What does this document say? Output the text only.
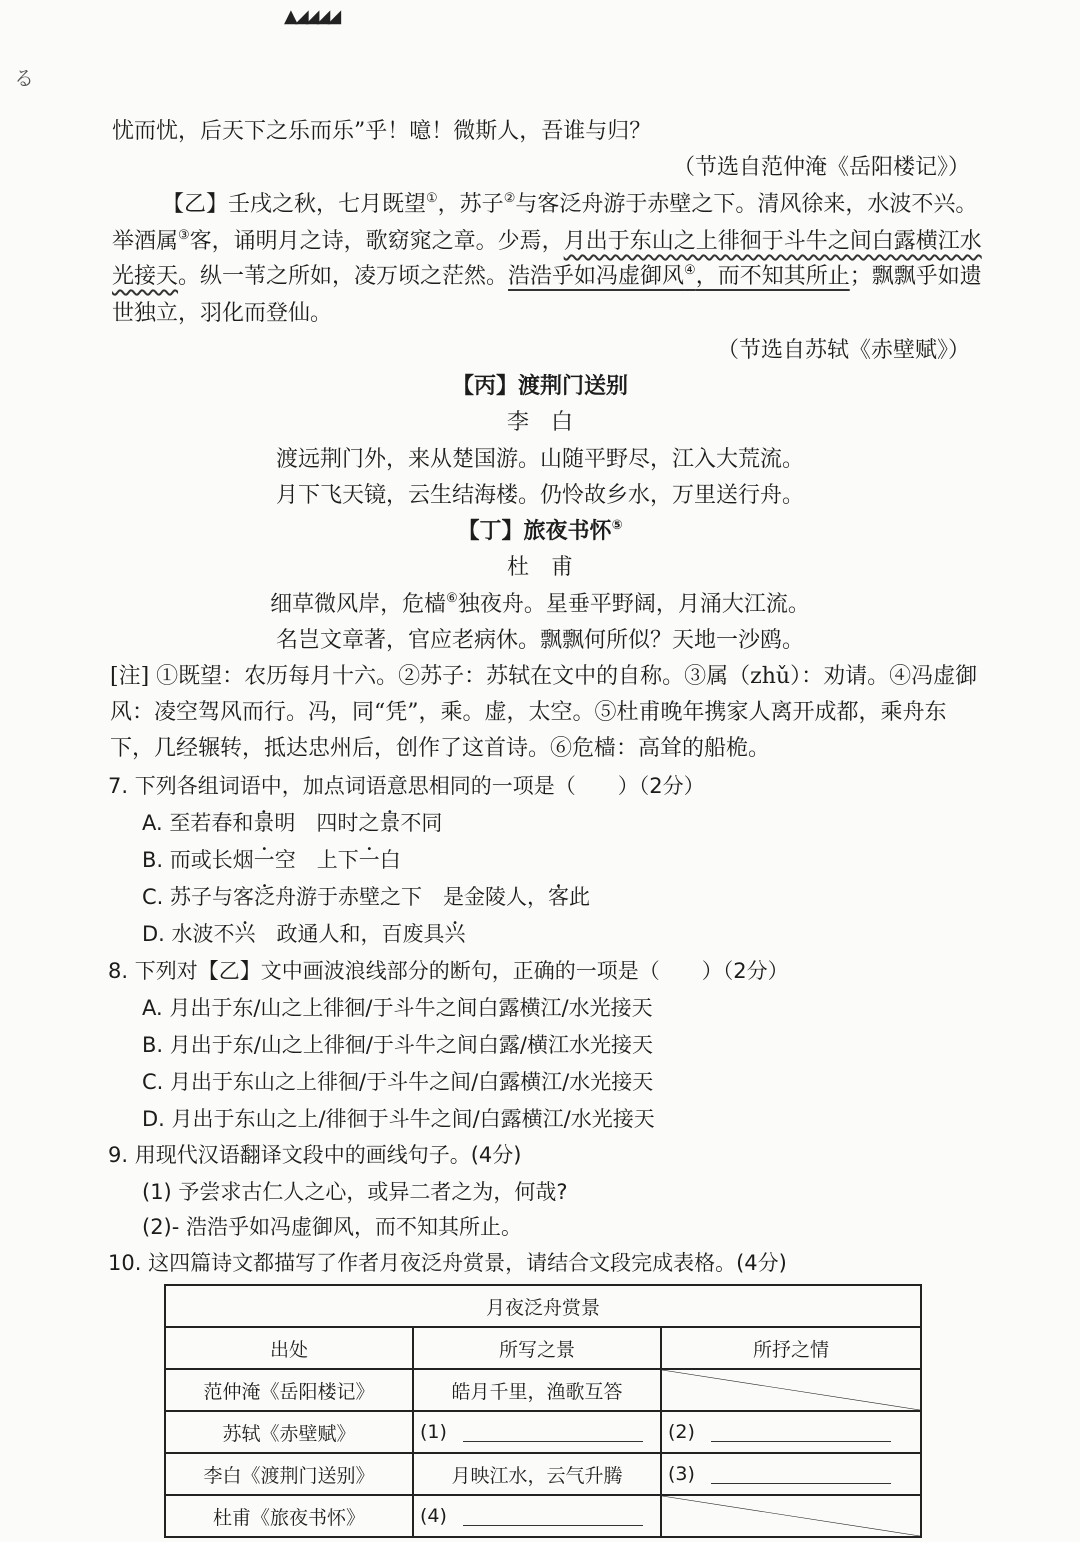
▲◢◢◢◢
る
忧而忧，后天下之乐而乐”乎！噫！微斯人，吾谁与归？
（节选自范仲淹《岳阳楼记》）
【乙】壬戌之秋，七月既望①，苏子②与客泛舟游于赤壁之下。清风徐来，水波不兴。
举酒属③客，诵明月之诗，歌窈窕之章。少焉，月出于东山之上徘徊于斗牛之间白露横江水
光接天。纵一苇之所如，凌万顷之茫然。浩浩乎如冯虚御风④，而不知其所止；飘飘乎如遗
世独立，羽化而登仙。
（节选自苏轼《赤壁赋》）
【丙】渡荆门送别
李　白
渡远荆门外，来从楚国游。山随平野尽，江入大荒流。
月下飞天镜，云生结海楼。仍怜故乡水，万里送行舟。
【丁】旅夜书怀⑤
杜　甫
细草微风岸，危樯⑥独夜舟。星垂平野阔，月涌大江流。
名岂文章著，官应老病休。飘飘何所似？天地一沙鸥。
[注] ①既望：农历每月十六。②苏子：苏轼在文中的自称。③属（zhǔ）：劝请。④冯虚御
风：凌空驾风而行。冯，同“凭”，乘。虚，太空。⑤杜甫晚年携家人离开成都，乘舟东
下，几经辗转，抵达忠州后，创作了这首诗。⑥危樯：高耸的船桅。
7. 下列各组词语中，加点词语意思相同的一项是（　　）（2分）
A. 至若春和景明　四时之景不同
B. 而或长烟一空　上下一白
C. 苏子与客泛舟游于赤壁之下　是金陵人，客此
D. 水波不兴　政通人和，百废具兴
8. 下列对【乙】文中画波浪线部分的断句，正确的一项是（　　）（2分）
A. 月出于东/山之上徘徊/于斗牛之间白露横江/水光接天
B. 月出于东/山之上徘徊/于斗牛之间白露/横江水光接天
C. 月出于东山之上徘徊/于斗牛之间/白露横江/水光接天
D. 月出于东山之上/徘徊于斗牛之间/白露横江/水光接天
9. 用现代汉语翻译文段中的画线句子。(4分)
(1) 予尝求古仁人之心，或异二者之为，何哉?
(2)- 浩浩乎如冯虚御风，而不知其所止。
10. 这四篇诗文都描写了作者月夜泛舟赏景，请结合文段完成表格。(4分)
月夜泛舟赏景		
出处	所写之景	所抒之情
范仲淹《岳阳楼记》	皓月千里，渔歌互答	

苏轼《赤壁赋》	(1)	(2)
李白《渡荆门送别》	月映江水，云气升腾	(3)
杜甫《旅夜书怀》	(4)	
